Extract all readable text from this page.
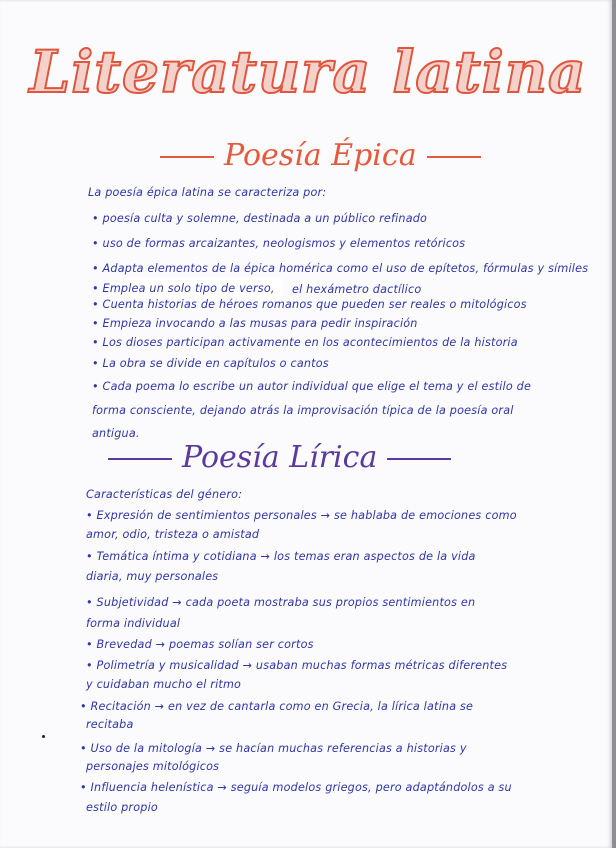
Literatura latina
Poesía Épica
La poesía épica latina se caracteriza por:
• poesía culta y solemne, destinada a un público refinado
• uso de formas arcaizantes, neologismos y elementos retóricos
• Adapta elementos de la épica homérica como el uso de epítetos, fórmulas y símiles
• Emplea un solo tipo de verso, el hexámetro dactílico
• Cuenta historias de héroes romanos que pueden ser reales o mitológicos
• Empieza invocando a las musas para pedir inspiración
• Los dioses participan activamente en los acontecimientos de la historia
• La obra se divide en capítulos o cantos
• Cada poema lo escribe un autor individual que elige el tema y el estilo de
forma consciente, dejando atrás la improvisación típica de la poesía oral
antigua.
Poesía Lírica
Características del género:
• Expresión de sentimientos personales → se hablaba de emociones como
amor, odio, tristeza o amistad
• Temática íntima y cotidiana → los temas eran aspectos de la vida
diaria, muy personales
• Subjetividad → cada poeta mostraba sus propios sentimientos en
forma individual
• Brevedad → poemas solían ser cortos
• Polimetría y musicalidad → usaban muchas formas métricas diferentes
y cuidaban mucho el ritmo
• Recitación → en vez de cantarla como en Grecia, la lírica latina se
recitaba
• Uso de la mitología → se hacían muchas referencias a historias y
personajes mitológicos
• Influencia helenística → seguía modelos griegos, pero adaptándolos a su
estilo propio
